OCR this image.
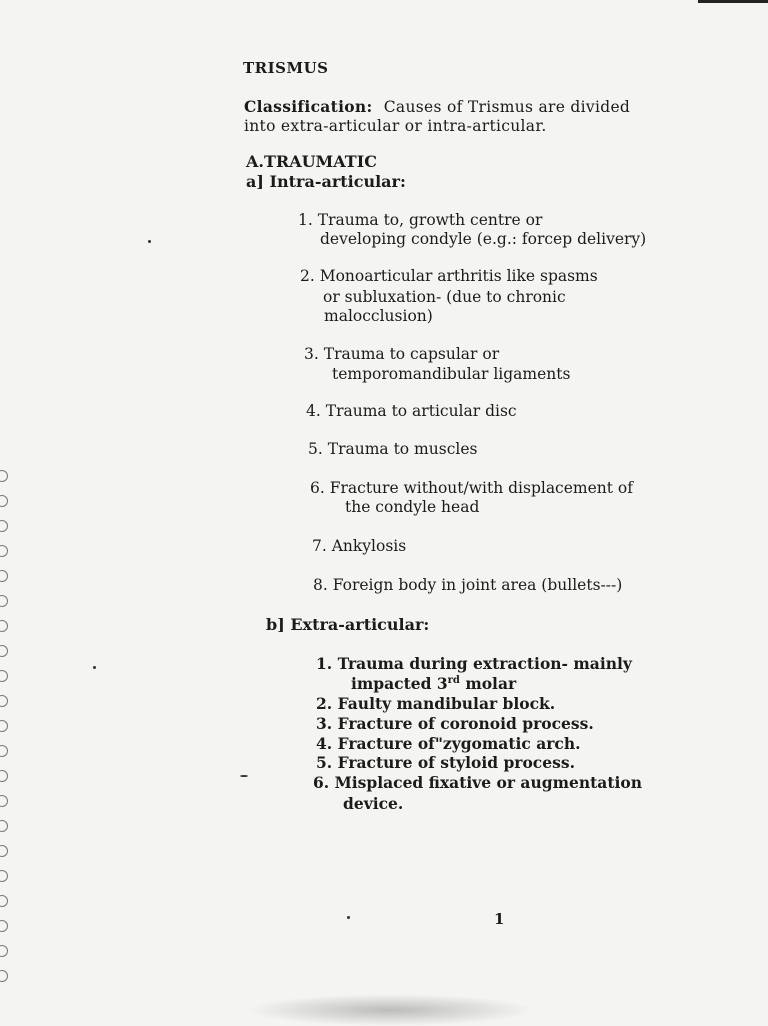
TRISMUS
Classification: Causes of Trismus are divided
into extra-articular or intra-articular.
A.TRAUMATIC
a] Intra-articular:
1. Trauma to, growth centre or
developing condyle (e.g.: forcep delivery)
2. Monoarticular arthritis like spasms
or subluxation- (due to chronic
malocclusion)
3. Trauma to capsular or
temporomandibular ligaments
4. Trauma to articular disc
5. Trauma to muscles
6. Fracture without/with displacement of
the condyle head
7. Ankylosis
8. Foreign body in joint area (bullets---)
b] Extra-articular:
1. Trauma during extraction- mainly
impacted 3rd molar
2. Faulty mandibular block.
3. Fracture of coronoid process.
4. Fracture of"zygomatic arch.
5. Fracture of styloid process.
6. Misplaced fixative or augmentation
device.
1
